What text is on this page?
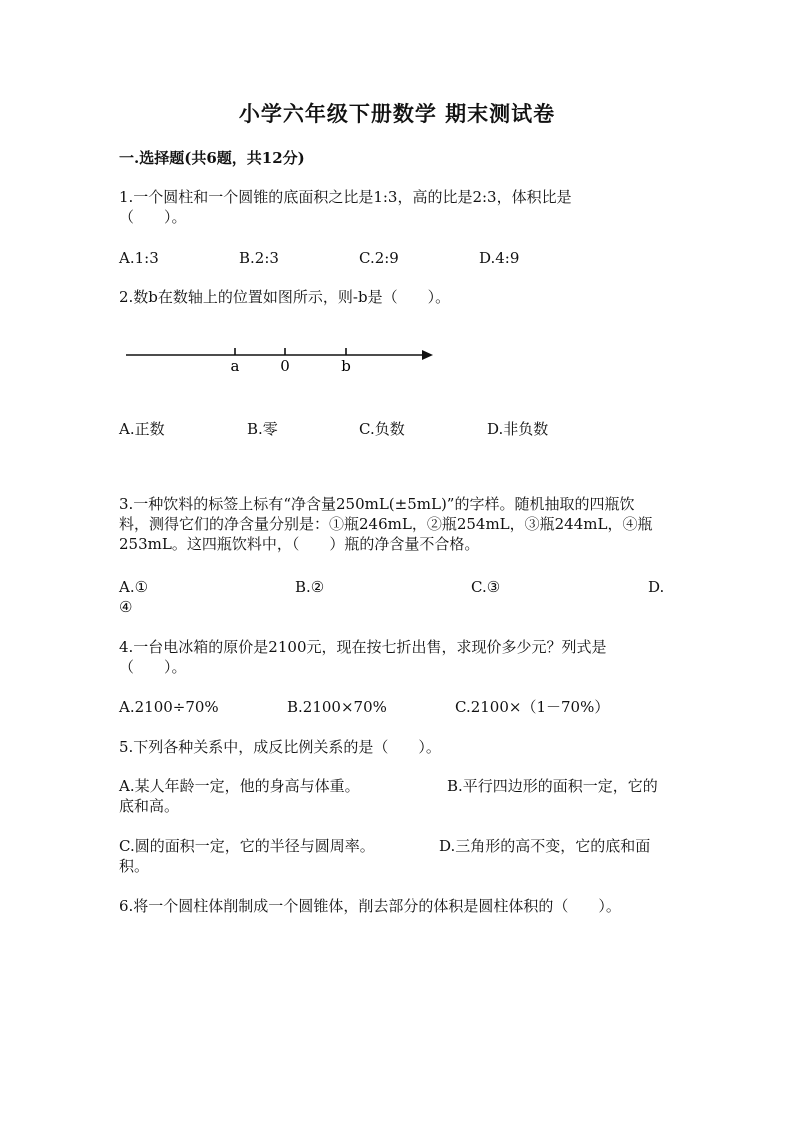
小学六年级下册数学 期末测试卷
一.选择题(共6题，共12分)
1.一个圆柱和一个圆锥的底面积之比是1:3，高的比是2:3，体积比是
（　　）。
A.1:3	B.2:3	C.2:9	D.4:9
2.数b在数轴上的位置如图所示，则-b是（　　）。
a	0	b
A.正数	B.零	C.负数	D.非负数
3.一种饮料的标签上标有“净含量250mL(±5mL)”的字样。随机抽取的四瓶饮
料，测得它们的净含量分别是：①瓶246mL，②瓶254mL，③瓶244mL，④瓶
253mL。这四瓶饮料中，（　　）瓶的净含量不合格。
A.①	B.②	C.③	D.
④
4.一台电冰箱的原价是2100元，现在按七折出售，求现价多少元？列式是
（　　）。
A.2100÷70%	B.2100×70%	C.2100×（1－70%）
5.下列各种关系中，成反比例关系的是（　　）。
A.某人年龄一定，他的身高与体重。	B.平行四边形的面积一定，它的
底和高。
C.圆的面积一定，它的半径与圆周率。	D.三角形的高不变，它的底和面
积。
6.将一个圆柱体削制成一个圆锥体，削去部分的体积是圆柱体积的（　　）。
